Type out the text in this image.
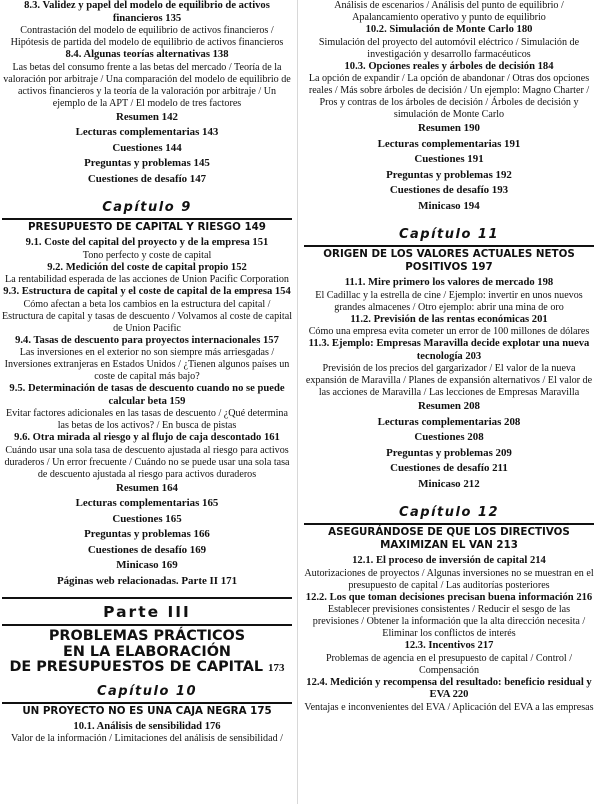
8.3. Validez y papel del modelo de equilibrio de activos financieros 135
Contrastación del modelo de equilibrio de activos financieros / Hipótesis de partida del modelo de equilibrio de activos financieros
8.4. Algunas teorías alternativas 138
Las betas del consumo frente a las betas del mercado / Teoría de la valoración por arbitraje / Una comparación del modelo de equilibrio de activos financieros y la teoría de la valoración por arbitraje / Un ejemplo de la APT / El modelo de tres factores
Resumen 142
Lecturas complementarias 143
Cuestiones 144
Preguntas y problemas 145
Cuestiones de desafío 147
Capítulo 9
PRESUPUESTO DE CAPITAL Y RIESGO 149
9.1. Coste del capital del proyecto y de la empresa 151
Tono perfecto y coste de capital
9.2. Medición del coste de capital propio 152
La rentabilidad esperada de las acciones de Union Pacific Corporation
9.3. Estructura de capital y el coste de capital de la empresa 154
Cómo afectan a beta los cambios en la estructura del capital / Estructura de capital y tasas de descuento / Volvamos al coste de capital de Union Pacific
9.4. Tasas de descuento para proyectos internacionales 157
Las inversiones en el exterior no son siempre más arriesgadas / Inversiones extranjeras en Estados Unidos / ¿Tienen algunos países un coste de capital más bajo?
9.5. Determinación de tasas de descuento cuando no se puede calcular beta 159
Evitar factores adicionales en las tasas de descuento / ¿Qué determina las betas de los activos? / En busca de pistas
9.6. Otra mirada al riesgo y al flujo de caja descontado 161
Cuándo usar una sola tasa de descuento ajustada al riesgo para activos duraderos / Un error frecuente / Cuándo no se puede usar una sola tasa de descuento ajustada al riesgo para activos duraderos
Resumen 164
Lecturas complementarias 165
Cuestiones 165
Preguntas y problemas 166
Cuestiones de desafío 169
Minicaso 169
Páginas web relacionadas. Parte II 171
Parte III
PROBLEMAS PRÁCTICOS
EN LA ELABORACIÓN
DE PRESUPUESTOS DE CAPITAL 173
Capítulo 10
UN PROYECTO NO ES UNA CAJA NEGRA 175
10.1. Análisis de sensibilidad 176
Valor de la información / Limitaciones del análisis de sensibilidad /
Análisis de escenarios / Análisis del punto de equilibrio / Apalancamiento operativo y punto de equilibrio
10.2. Simulación de Monte Carlo 180
Simulación del proyecto del automóvil eléctrico / Simulación de investigación y desarrollo farmacéuticos
10.3. Opciones reales y árboles de decisión 184
La opción de expandir / La opción de abandonar / Otras dos opciones reales / Más sobre árboles de decisión / Un ejemplo: Magno Charter / Pros y contras de los árboles de decisión / Árboles de decisión y simulación de Monte Carlo
Resumen 190
Lecturas complementarias 191
Cuestiones 191
Preguntas y problemas 192
Cuestiones de desafío 193
Minicaso 194
Capítulo 11
ORIGEN DE LOS VALORES ACTUALES NETOS POSITIVOS 197
11.1. Mire primero los valores de mercado 198
El Cadillac y la estrella de cine / Ejemplo: invertir en unos nuevos grandes almacenes / Otro ejemplo: abrir una mina de oro
11.2. Previsión de las rentas económicas 201
Cómo una empresa evita cometer un error de 100 millones de dólares
11.3. Ejemplo: Empresas Maravilla decide explotar una nueva tecnología 203
Previsión de los precios del gargarizador / El valor de la nueva expansión de Maravilla / Planes de expansión alternativos / El valor de las acciones de Maravilla / Las lecciones de Empresas Maravilla
Resumen 208
Lecturas complementarias 208
Cuestiones 208
Preguntas y problemas 209
Cuestiones de desafío 211
Minicaso 212
Capítulo 12
ASEGURÁNDOSE DE QUE LOS DIRECTIVOS MAXIMIZAN EL VAN 213
12.1. El proceso de inversión de capital 214
Autorizaciones de proyectos / Algunas inversiones no se muestran en el presupuesto de capital / Las auditorías posteriores
12.2. Los que toman decisiones precisan buena información 216
Establecer previsiones consistentes / Reducir el sesgo de las previsiones / Obtener la información que la alta dirección necesita / Eliminar los conflictos de interés
12.3. Incentivos 217
Problemas de agencia en el presupuesto de capital / Control / Compensación
12.4. Medición y recompensa del resultado: beneficio residual y EVA 220
Ventajas e inconvenientes del EVA / Aplicación del EVA a las empresas
